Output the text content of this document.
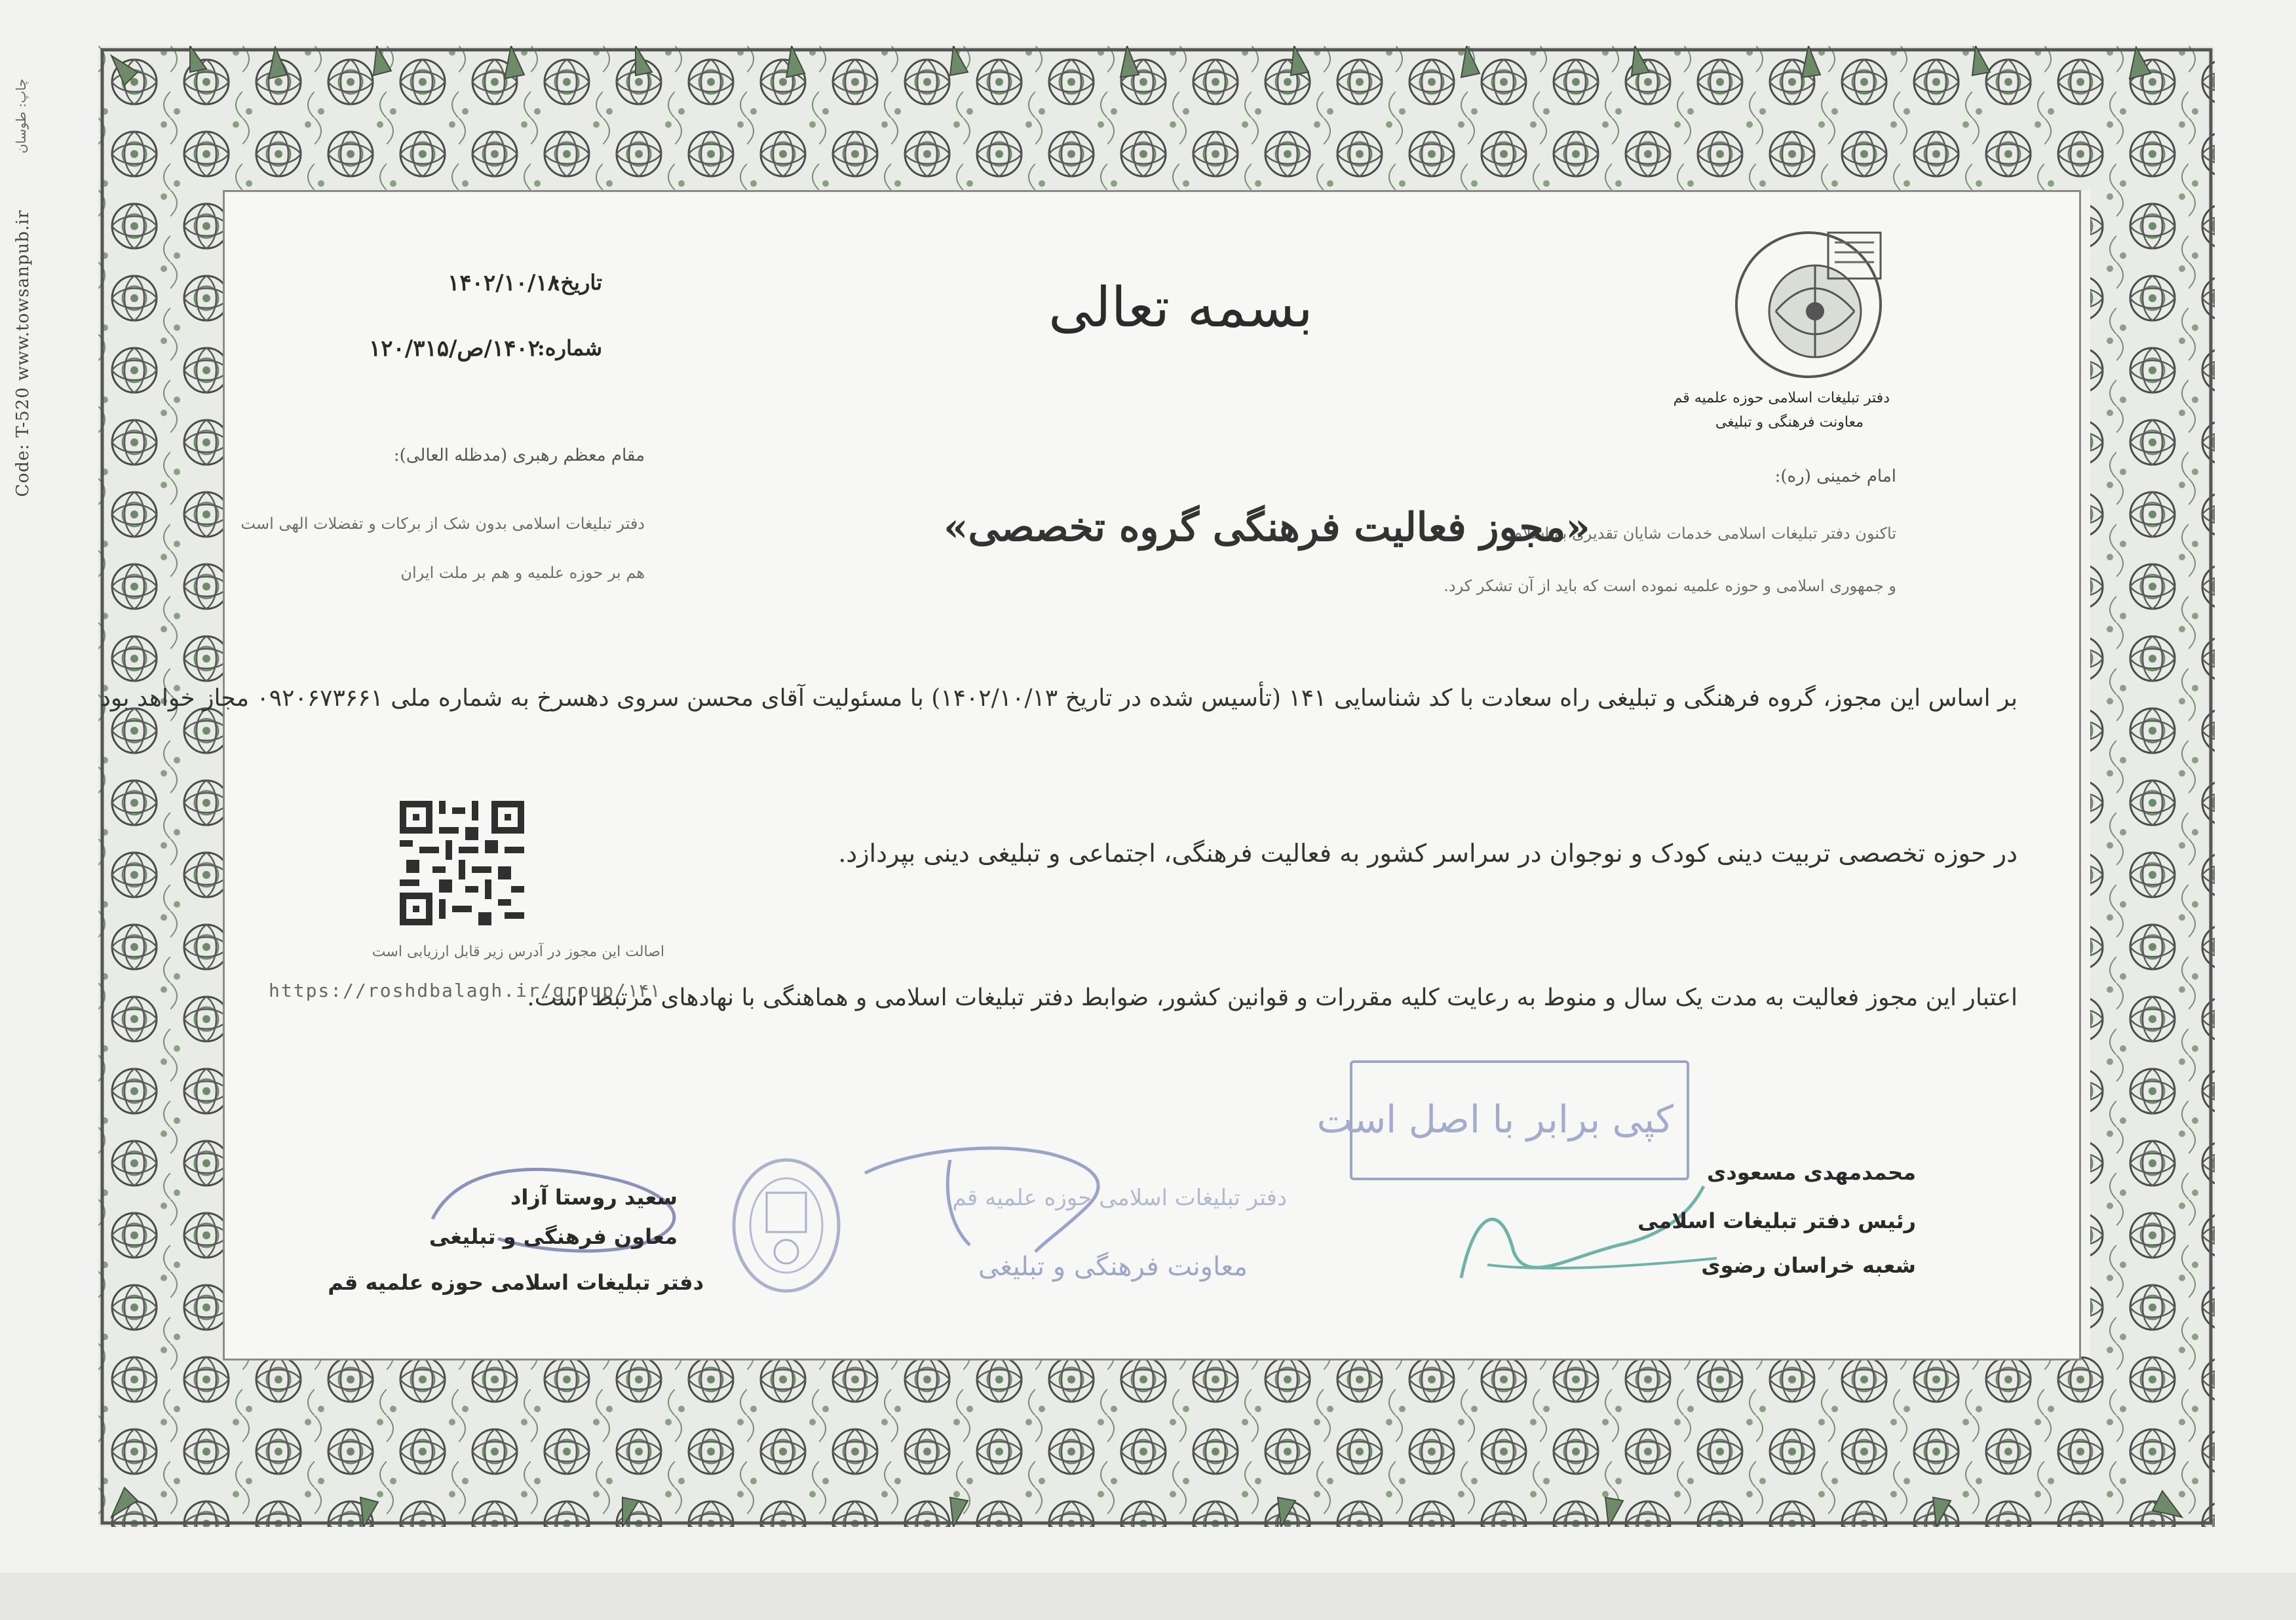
Code: T-520 www.towsanpub.ir
چاپ: طوسان
تاریخ:
۱۴۰۲/۱۰/۱۸
شماره:
۱۴۰۲/ص/۱۲۰/۳۱۵
بسمه تعالی
دفتر تبلیغات اسلامی حوزه علمیه قم
معاونت فرهنگی و تبلیغی
مقام معظم رهبری (مدظله العالی):
دفتر تبلیغات اسلامی بدون شک از برکات و تفضلات الهی است
هم بر حوزه علمیه و هم بر ملت ایران
امام خمینی (ره):
تاکنون دفتر تبلیغات اسلامی خدمات شایان تقدیری به اسلام
و جمهوری اسلامی و حوزه علمیه نموده است که باید از آن تشکر کرد.
«مجوز فعالیت فرهنگی گروه تخصصی»
بر اساس این مجوز، گروه فرهنگی و تبلیغی راه سعادت با کد شناسایی ۱۴۱ (تأسیس شده در تاریخ ۱۴۰۲/۱۰/۱۳) با مسئولیت آقای محسن سروی دهسرخ به شماره ملی ۰۹۲۰۶۷۳۶۶۱ مجاز خواهد بود
در حوزه تخصصی تربیت دینی کودک و نوجوان در سراسر کشور به فعالیت فرهنگی، اجتماعی و تبلیغی دینی بپردازد.
اعتبار این مجوز فعالیت به مدت یک سال و منوط به رعایت کلیه مقررات و قوانین کشور، ضوابط دفتر تبلیغات اسلامی و هماهنگی با نهادهای مرتبط است.
اصالت این مجوز در آدرس زیر قابل ارزیابی است
https://roshdbalagh.ir/group/۱۴۱
کپی برابر با اصل است
دفتر تبلیغات اسلامی حوزه علمیه قم
معاونت فرهنگی و تبلیغی
سعید روستا آزاد
معاون فرهنگی و تبلیغی
دفتر تبلیغات اسلامی حوزه علمیه قم
محمدمهدی مسعودی
رئیس دفتر تبلیغات اسلامی
شعبه خراسان رضوی
